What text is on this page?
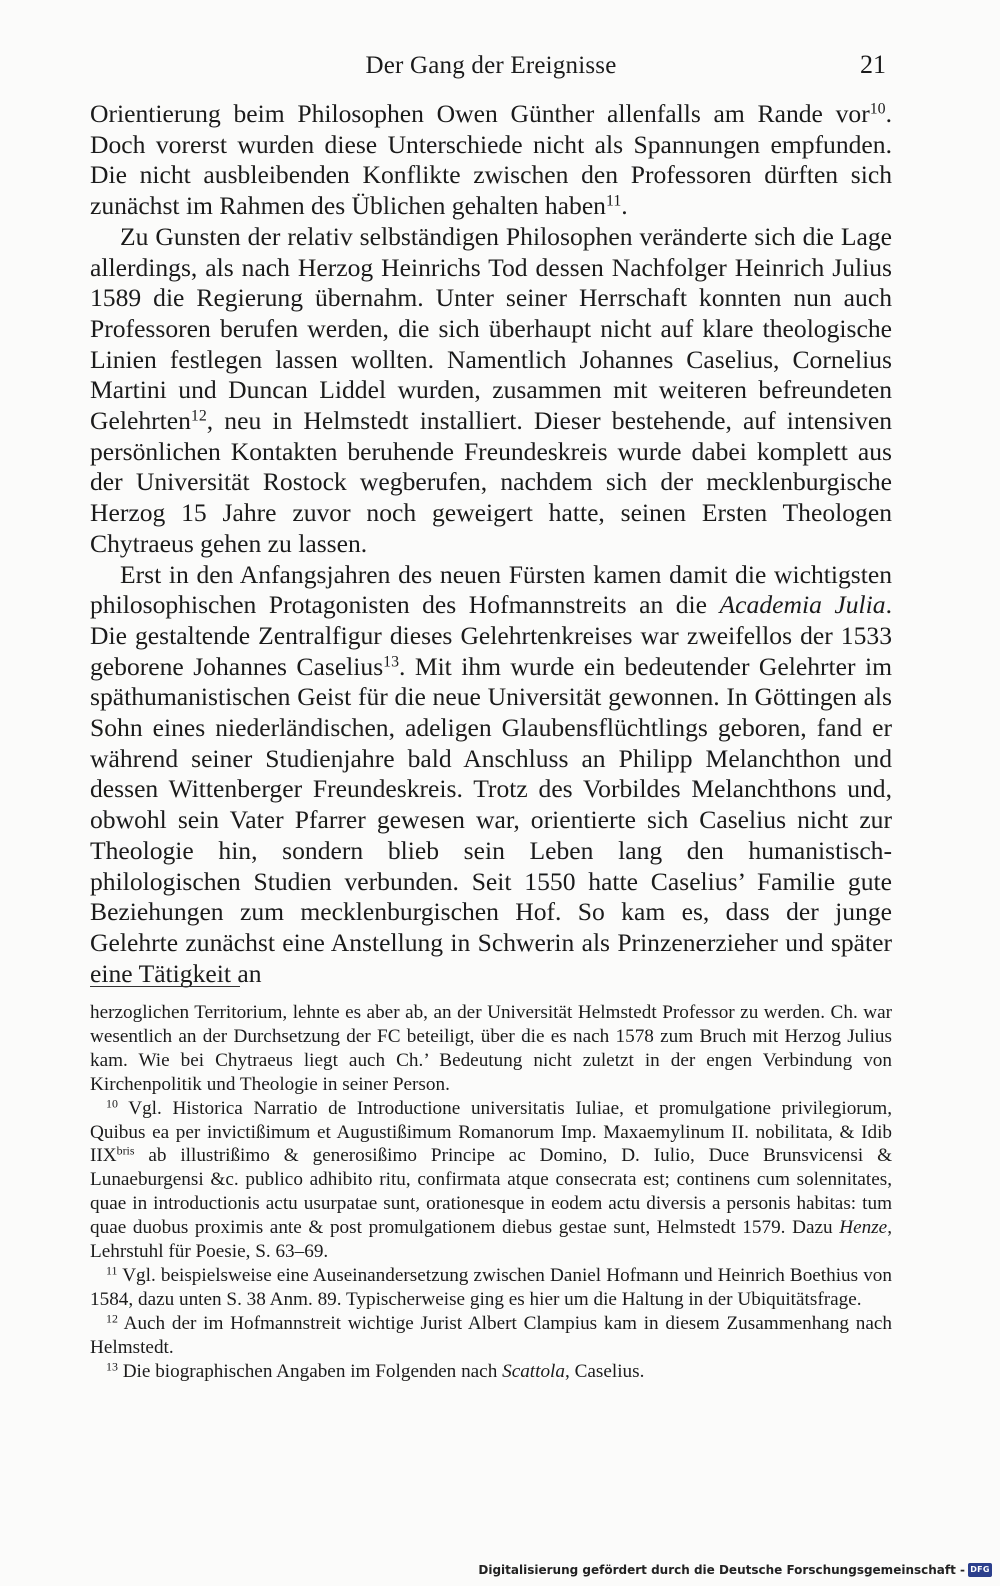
Der Gang der Ereignisse	21

Orientierung beim Philosophen Owen Günther allenfalls am Rande vor$^{10}$. Doch vorerst wurden diese Unterschiede nicht als Spannungen empfunden. Die nicht ausbleibenden Konflikte zwischen den Professoren dürften sich zunächst im Rahmen des Üblichen gehalten haben$^{11}$.

Zu Gunsten der relativ selbständigen Philosophen veränderte sich die Lage allerdings, als nach Herzog Heinrichs Tod dessen Nachfolger Heinrich Julius 1589 die Regierung übernahm. Unter seiner Herrschaft konnten nun auch Professoren berufen werden, die sich überhaupt nicht auf klare theologische Linien festlegen lassen wollten. Namentlich Johannes Caselius, Cornelius Martini und Duncan Liddel wurden, zusammen mit weiteren befreundeten Gelehrten$^{12}$, neu in Helmstedt installiert. Dieser bestehende, auf intensiven persönlichen Kontakten beruhende Freundeskreis wurde dabei komplett aus der Universität Rostock wegberufen, nachdem sich der mecklenburgische Herzog 15 Jahre zuvor noch geweigert hatte, seinen Ersten Theologen Chytraeus gehen zu lassen.

Erst in den Anfangsjahren des neuen Fürsten kamen damit die wichtigsten philosophischen Protagonisten des Hofmannstreits an die Academia Julia. Die gestaltende Zentralfigur dieses Gelehrtenkreises war zweifellos der 1533 geborene Johannes Caselius$^{13}$. Mit ihm wurde ein bedeutender Gelehrter im späthumanistischen Geist für die neue Universität gewonnen. In Göttingen als Sohn eines niederländischen, adeligen Glaubensflüchtlings geboren, fand er während seiner Studienjahre bald Anschluss an Philipp Melanchthon und dessen Wittenberger Freundeskreis. Trotz des Vorbildes Melanchthons und, obwohl sein Vater Pfarrer gewesen war, orientierte sich Caselius nicht zur Theologie hin, sondern blieb sein Leben lang den humanistisch-philologischen Studien verbunden. Seit 1550 hatte Caselius’ Familie gute Beziehungen zum mecklenburgischen Hof. So kam es, dass der junge Gelehrte zunächst eine Anstellung in Schwerin als Prinzenerzieher und später eine Tätigkeit an

herzoglichen Territorium, lehnte es aber ab, an der Universität Helmstedt Professor zu werden. Ch. war wesentlich an der Durchsetzung der FC beteiligt, über die es nach 1578 zum Bruch mit Herzog Julius kam. Wie bei Chytraeus liegt auch Ch.’ Bedeutung nicht zuletzt in der engen Verbindung von Kirchenpolitik und Theologie in seiner Person.

$^{10}$ Vgl. Historica Narratio de Introductione universitatis Iuliae, et promulgatione privilegiorum, Quibus ea per invictißimum et Augustißimum Romanorum Imp. Maxaemylinum II. nobilitata, & Idib $IIX^{bris}$ ab illustrißimo & generosißimo Principe ac Domino, D. Iulio, Duce Brunsvicensi & Lunaeburgensi &c. publico adhibito ritu, confirmata atque consecrata est; continens cum solennitates, quae in introductionis actu usurpatae sunt, orationesque in eodem actu diversis a personis habitas: tum quae duobus proximis ante & post promulgationem diebus gestae sunt, Helmstedt 1579. Dazu Henze, Lehrstuhl für Poesie, S. 63–69.

$^{11}$ Vgl. beispielsweise eine Auseinandersetzung zwischen Daniel Hofmann und Heinrich Boethius von 1584, dazu unten S. 38 Anm. 89. Typischerweise ging es hier um die Haltung in der Ubiquitätsfrage.

$^{12}$ Auch der im Hofmannstreit wichtige Jurist Albert Clampius kam in diesem Zusammenhang nach Helmstedt.

$^{13}$ Die biographischen Angaben im Folgenden nach Scattola, Caselius.

Digitalisierung gefördert durch die Deutsche Forschungsgemeinschaft - DFG
